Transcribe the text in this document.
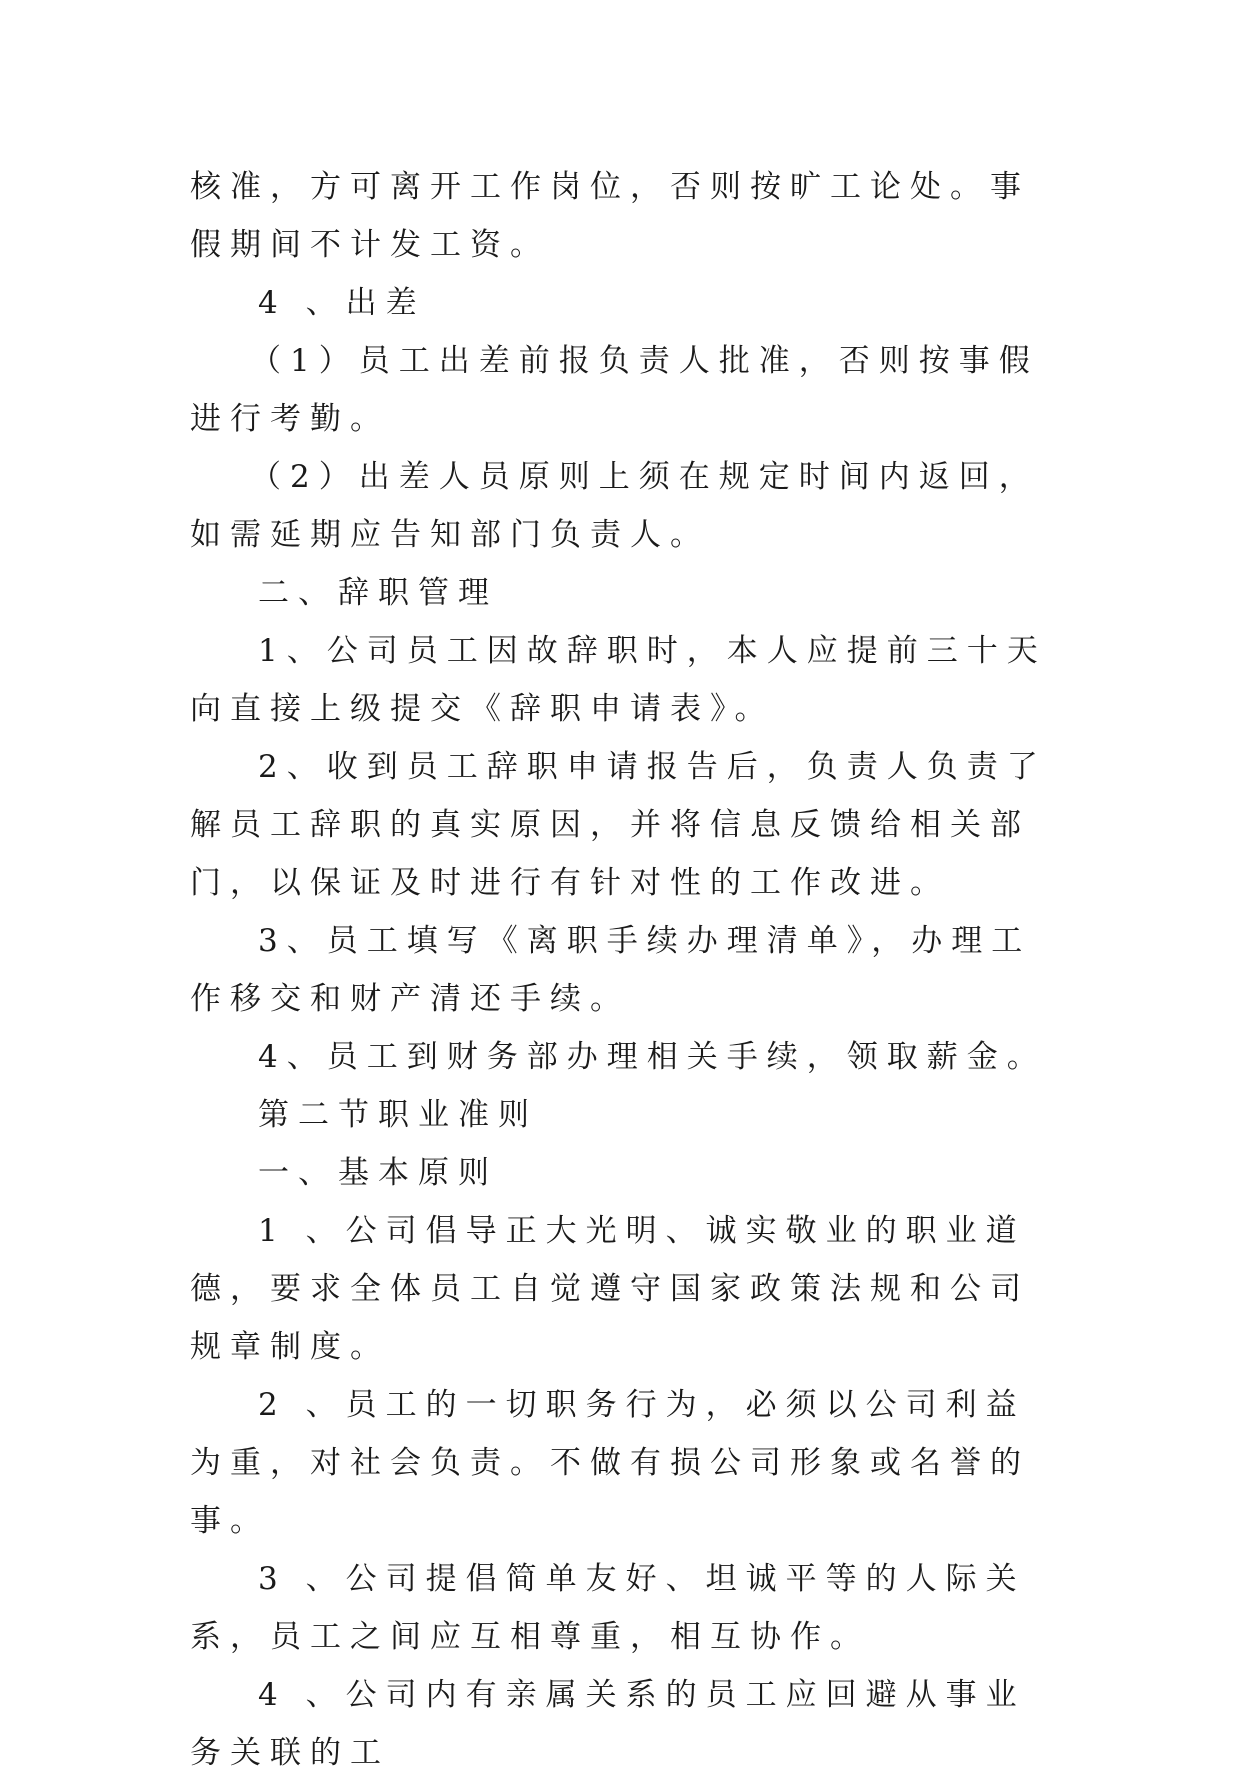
核准，方可离开工作岗位，否则按旷工论处。事假期间不计发工资。

4 、出差

（1）员工出差前报负责人批准，否则按事假进行考勤。

（2）出差人员原则上须在规定时间内返回，如需延期应告知部门负责人。

二、辞职管理

1、公司员工因故辞职时，本人应提前三十天向直接上级提交《辞职申请表》。

2、收到员工辞职申请报告后，负责人负责了解员工辞职的真实原因，并将信息反馈给相关部门，以保证及时进行有针对性的工作改进。

3、员工填写《离职手续办理清单》，办理工作移交和财产清还手续。

4、员工到财务部办理相关手续，领取薪金。

第二节职业准则

一、基本原则

1 、公司倡导正大光明、诚实敬业的职业道德，要求全体员工自觉遵守国家政策法规和公司规章制度。

2 、员工的一切职务行为，必须以公司利益为重，对社会负责。不做有损公司形象或名誉的事。

3 、公司提倡简单友好、坦诚平等的人际关系，员工之间应互相尊重，相互协作。

4 、公司内有亲属关系的员工应回避从事业务关联的工
